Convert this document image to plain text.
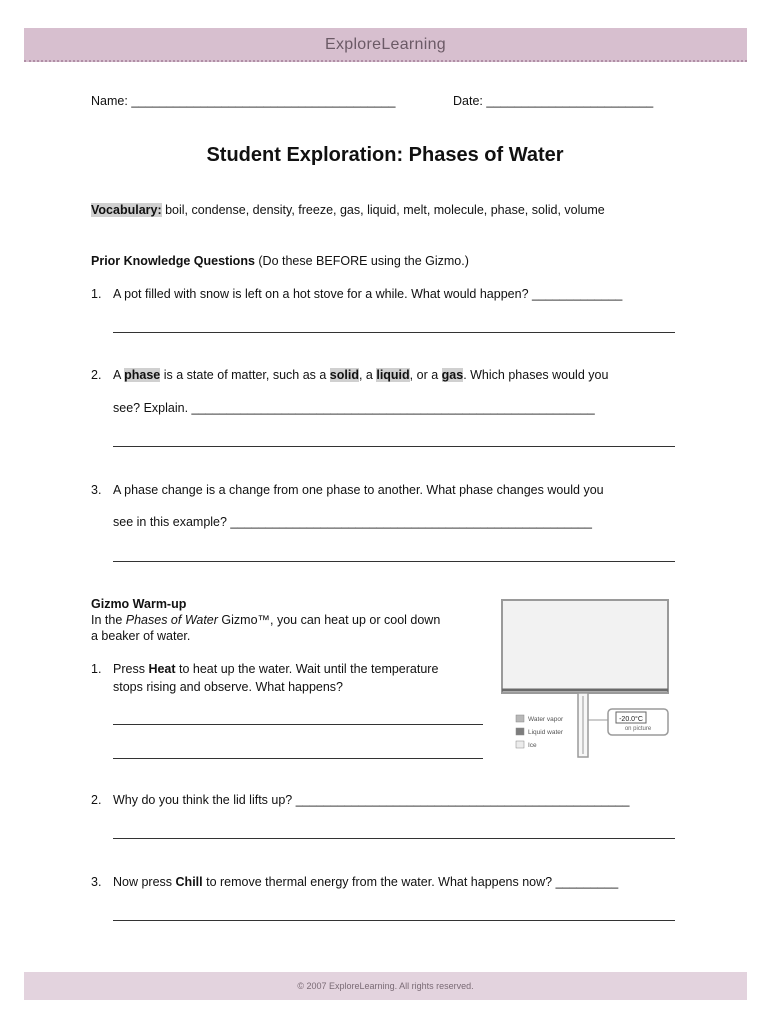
ExploreLearning
Name: ______________________________________	Date: ________________________
Student Exploration: Phases of Water
Vocabulary: boil, condense, density, freeze, gas, liquid, melt, molecule, phase, solid, volume
Prior Knowledge Questions (Do these BEFORE using the Gizmo.)
1. A pot filled with snow is left on a hot stove for a while. What would happen? _____________
2. A phase is a state of matter, such as a solid, a liquid, or a gas. Which phases would you
see? Explain. __________________________________________________________
3. A phase change is a change from one phase to another. What phase changes would you
see in this example? ____________________________________________________
Gizmo Warm-up
In the Phases of Water Gizmo™, you can heat up or cool down
a beaker of water.
1. Press Heat to heat up the water. Wait until the temperature
stops rising and observe. What happens?
-20.0°C
on picture
Water vapor
Liquid water
Ice
2. Why do you think the lid lifts up? ________________________________________________
3. Now press Chill to remove thermal energy from the water. What happens now? _________
© 2007 ExploreLearning. All rights reserved.
